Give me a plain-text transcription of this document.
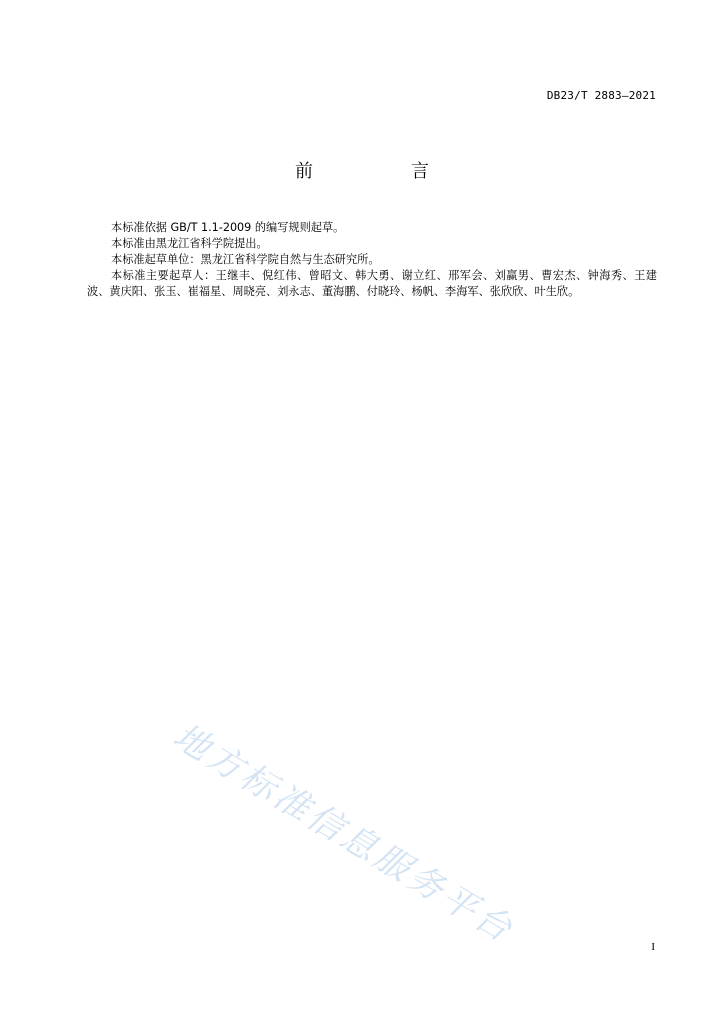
DB23/T 2883—2021
前　言

本标准依据 GB/T 1.1-2009 的编写规则起草。

本标准由黑龙江省科学院提出。

本标准起草单位：黑龙江省科学院自然与生态研究所。

本标准主要起草人：王继丰、倪红伟、曾昭文、韩大勇、谢立红、邢军会、刘赢男、曹宏杰、钟海秀、王建波、黄庆阳、张玉、崔福星、周晓亮、刘永志、董海鹏、付晓玲、杨帆、李海军、张欣欣、叶生欣。

地方标准信息服务平台	I
